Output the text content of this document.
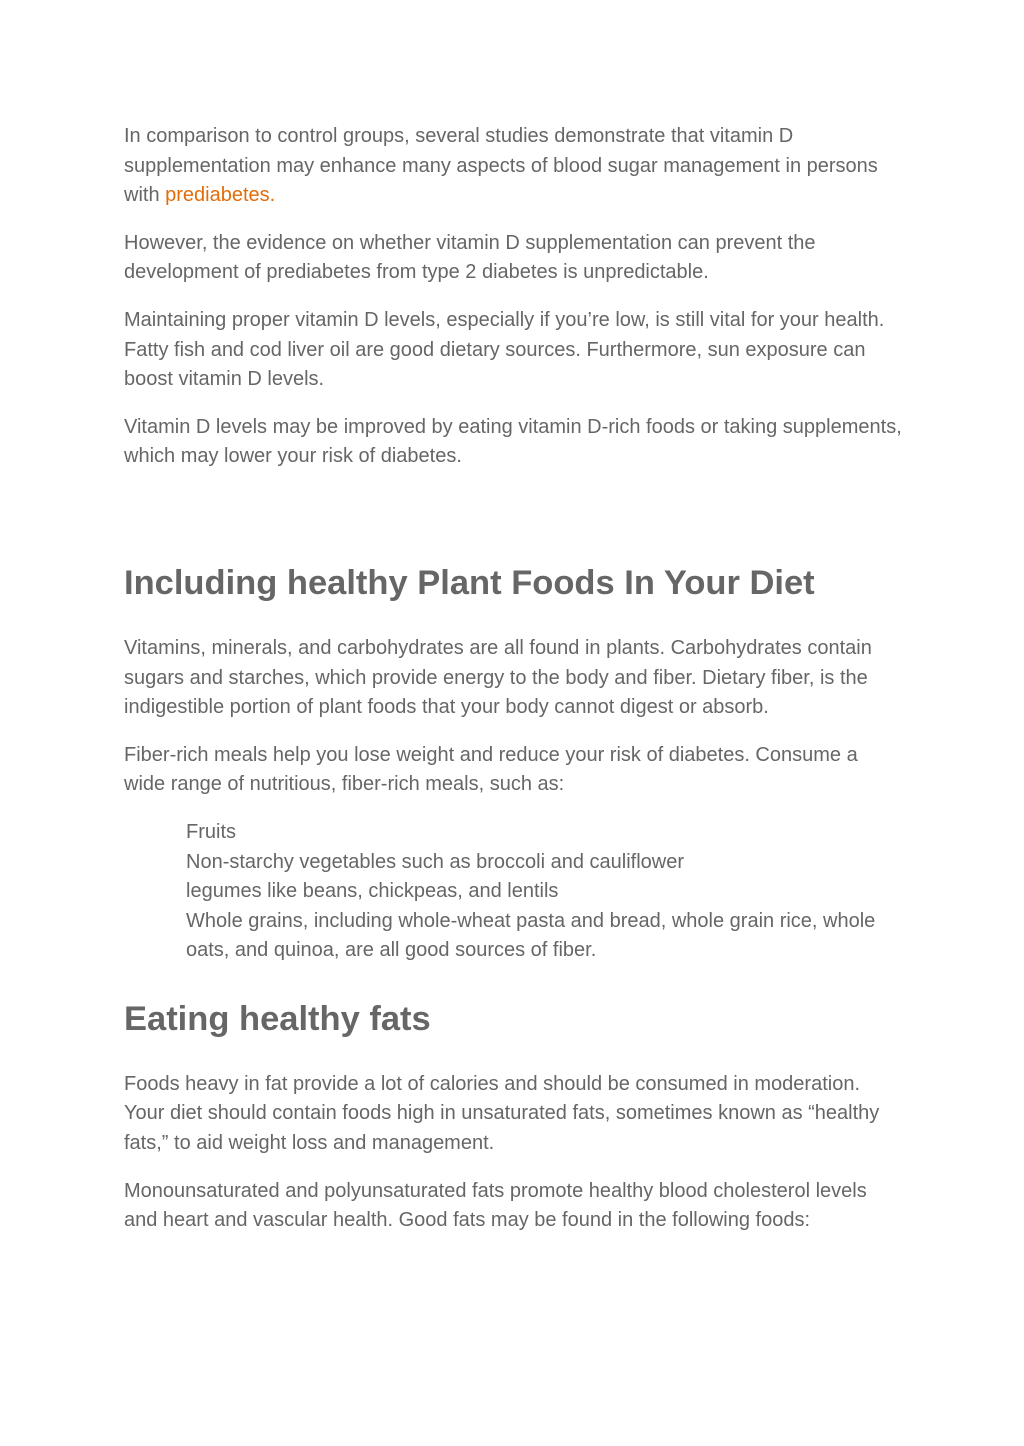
In comparison to control groups, several studies demonstrate that vitamin D supplementation may enhance many aspects of blood sugar management in persons with prediabetes.

However, the evidence on whether vitamin D supplementation can prevent the development of prediabetes from type 2 diabetes is unpredictable.

Maintaining proper vitamin D levels, especially if you’re low, is still vital for your health. Fatty fish and cod liver oil are good dietary sources. Furthermore, sun exposure can boost vitamin D levels.

Vitamin D levels may be improved by eating vitamin D-rich foods or taking supplements, which may lower your risk of diabetes.

Including healthy Plant Foods In Your Diet

Vitamins, minerals, and carbohydrates are all found in plants. Carbohydrates contain sugars and starches, which provide energy to the body and fiber. Dietary fiber, is the indigestible portion of plant foods that your body cannot digest or absorb.

Fiber-rich meals help you lose weight and reduce your risk of diabetes. Consume a wide range of nutritious, fiber-rich meals, such as:

Fruits
Non-starchy vegetables such as broccoli and cauliflower
legumes like beans, chickpeas, and lentils
Whole grains, including whole-wheat pasta and bread, whole grain rice, whole oats, and quinoa, are all good sources of fiber.
Eating healthy fats

Foods heavy in fat provide a lot of calories and should be consumed in moderation. Your diet should contain foods high in unsaturated fats, sometimes known as “healthy fats,” to aid weight loss and management.

Monounsaturated and polyunsaturated fats promote healthy blood cholesterol levels and heart and vascular health. Good fats may be found in the following foods:
